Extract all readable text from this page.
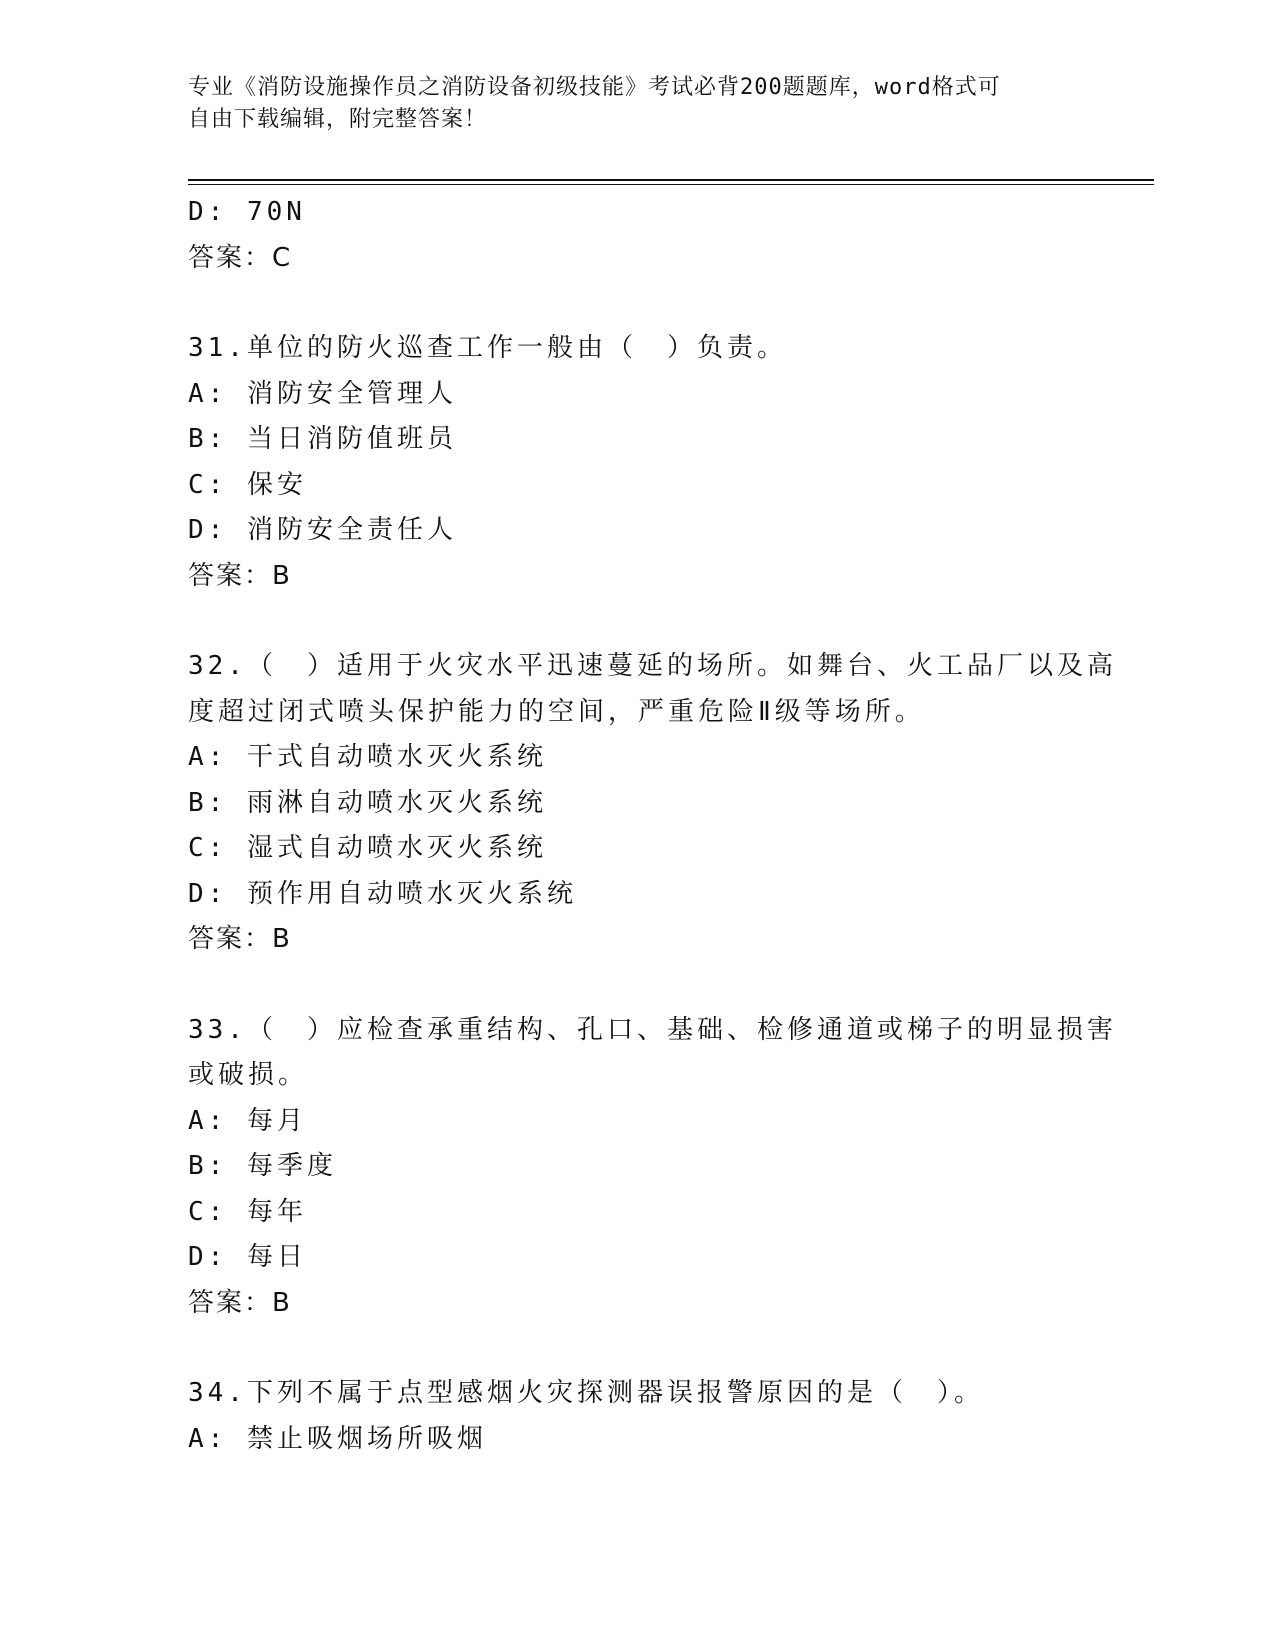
专业《消防设施操作员之消防设备初级技能》考试必背200题题库，word格式可
自由下载编辑，附完整答案！
D: 70N
答案：C
31.单位的防火巡查工作一般由（　）负责。
A: 消防安全管理人
B: 当日消防值班员
C: 保安
D: 消防安全责任人
答案：B
32.（　）适用于火灾水平迅速蔓延的场所。如舞台、火工品厂以及高
度超过闭式喷头保护能力的空间，严重危险Ⅱ级等场所。
A: 干式自动喷水灭火系统
B: 雨淋自动喷水灭火系统
C: 湿式自动喷水灭火系统
D: 预作用自动喷水灭火系统
答案：B
33.（　）应检查承重结构、孔口、基础、检修通道或梯子的明显损害
或破损。
A: 每月
B: 每季度
C: 每年
D: 每日
答案：B
34.下列不属于点型感烟火灾探测器误报警原因的是（　）。
A: 禁止吸烟场所吸烟
